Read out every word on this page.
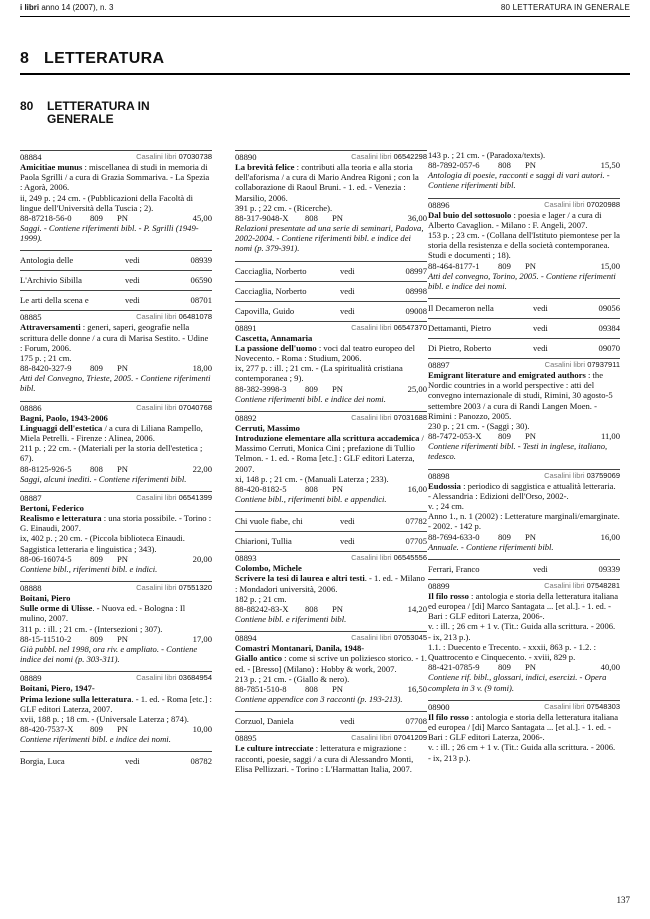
i libri anno 14 (2007), n. 3	80 LETTERATURA IN GENERALE
8 LETTERATURA
80 LETTERATURA IN
GENERALE
08884	Casalini libri 07030738
Amicitiae munus : miscellanea di studi in memoria di Paola Sgrilli / a cura di Grazia Sommariva. - La Spezia : Agorà, 2006.
ii, 249 p. ; 24 cm. - (Pubblicazioni della Facoltà di lingue dell'Università della Tuscia ; 2).
88-87218-56-0 809 PN	45,00
Saggi. - Contiene riferimenti bibl. - P. Sgrilli (1949-1999).
Antologia delle	vedi	08939
L'Archivio Sibilla	vedi	06590
Le arti della scena e	vedi	08701
08885	Casalini libri 06481078
Attraversamenti : generi, saperi, geografie nella scrittura delle donne / a cura di Marisa Sestito. - Udine : Forum, 2006.
175 p. ; 21 cm.
88-8420-327-9 809 PN	18,00
Atti del Convegno, Trieste, 2005. - Contiene riferimenti bibl.
08886	Casalini libri 07040768
Bagni, Paolo, 1943-2006
Linguaggi dell'estetica / a cura di Liliana Rampello, Miela Petrelli. - Firenze : Alinea, 2006.
211 p. ; 22 cm. - (Materiali per la storia dell'estetica ; 67).
88-8125-926-5 808 PN	22,00
Saggi, alcuni inediti. - Contiene riferimenti bibl.
08887	Casalini libri 06541399
Bertoni, Federico
Realismo e letteratura : una storia possibile. - Torino : G. Einaudi, 2007.
ix, 402 p. ; 20 cm. - (Piccola biblioteca Einaudi. Saggistica letteraria e linguistica ; 343).
88-06-16074-5 809 PN	20,00
Contiene bibl., riferimenti bibl. e indici.
08888	Casalini libri 07551320
Boitani, Piero
Sulle orme di Ulisse. - Nuova ed. - Bologna : Il mulino, 2007.
311 p. : ill. ; 21 cm. - (Intersezioni ; 307).
88-15-11510-2 809 PN	17,00
Già pubbl. nel 1998, ora riv. e ampliato. - Contiene indice dei nomi (p. 303-311).
08889	Casalini libri 03684954
Boitani, Piero, 1947-
Prima lezione sulla letteratura. - 1. ed. - Roma [etc.] : GLF editori Laterza, 2007.
xvii, 188 p. ; 18 cm. - (Universale Laterza ; 874).
88-420-7537-X 809 PN	10,00
Contiene riferimenti bibl. e indice dei nomi.
Borgia, Luca	vedi	08782
08890	Casalini libri 06542298
La brevità felice : contributi alla teoria e alla storia dell'aforisma / a cura di Mario Andrea Rigoni ; con la collaborazione di Raoul Bruni. - 1. ed. - Venezia : Marsilio, 2006.
391 p. ; 22 cm. - (Ricerche).
88-317-9048-X 808 PN	36,00
Relazioni presentate ad una serie di seminari, Padova, 2002-2004. - Contiene riferimenti bibl. e indice dei nomi (p. 379-391).
Cacciaglia, Norberto	vedi	08997
Cacciaglia, Norberto	vedi	08998
Capovilla, Guido	vedi	09008
08891	Casalini libri 06547370
Cascetta, Annamaria
La passione dell'uomo : voci dal teatro europeo del Novecento. - Roma : Studium, 2006.
ix, 277 p. : ill. ; 21 cm. - (La spiritualità cristiana contemporanea ; 9).
88-382-3998-3 809 PN	25,00
Contiene riferimenti bibl. e indice dei nomi.
08892	Casalini libri 07031688
Cerruti, Massimo
Introduzione elementare alla scrittura accademica / Massimo Cerruti, Monica Cini ; prefazione di Tullio Telmon. - 1. ed. - Roma [etc.] : GLF editori Laterza, 2007.
xi, 148 p. ; 21 cm. - (Manuali Laterza ; 233).
88-420-8182-5 808 PN	16,00
Contiene bibl., riferimenti bibl. e appendici.
Chi vuole fiabe, chi	vedi	07782
Chiarioni, Tullia	vedi	07705
08893	Casalini libri 06545556
Colombo, Michele
Scrivere la tesi di laurea e altri testi. - 1. ed. - Milano : Mondadori università, 2006.
182 p. ; 21 cm.
88-88242-83-X 808 PN	14,20
Contiene bibl. e riferimenti bibl.
08894	Casalini libri 07053045
Comastri Montanari, Danila, 1948-
Giallo antico : come si scrive un poliziesco storico. - 1. ed. - [Bresso] (Milano) : Hobby & work, 2007.
213 p. ; 21 cm. - (Giallo & nero).
88-7851-510-8 808 PN	16,50
Contiene appendice con 3 racconti (p. 193-213).
Corzuol, Daniela	vedi	07708
08895	Casalini libri 07041209
Le culture intrecciate : letteratura e migrazione : racconti, poesie, saggi / a cura di Alessandro Monti, Elisa Pellizzari. - Torino : L'Harmattan Italia, 2007.
143 p. ; 21 cm. - (Paradoxa/texts).
88-7892-057-6 808 PN	15,50
Antologia di poesie, racconti e saggi di vari autori. - Contiene riferimenti bibl.
08896	Casalini libri 07020988
Dal buio del sottosuolo : poesia e lager / a cura di Alberto Cavaglion. - Milano : F. Angeli, 2007.
153 p. ; 23 cm. - (Collana dell'Istituto piemontese per la storia della resistenza e della società contemporanea. Studi e documenti ; 18).
88-464-8177-1 809 PN	15,00
Atti del convegno, Torino, 2005. - Contiene riferimenti bibl. e indice dei nomi.
Il Decameron nella	vedi	09056
Dettamanti, Pietro	vedi	09384
Di Pietro, Roberto	vedi	09070
08897	Casalini libri 07937911
Emigrant literature and emigrated authors : the Nordic countries in a world perspective : atti del convegno internazionale di studi, Rimini, 30 agosto-5 settembre 2003 / a cura di Randi Langen Moen. - Rimini : Panozzo, 2005.
230 p. ; 21 cm. - (Saggi ; 30).
88-7472-053-X 809 PN	11,00
Contiene riferimenti bibl. - Testi in inglese, italiano, tedesco.
08898	Casalini libri 03759069
Eudossia : periodico di saggistica e attualità letteraria. - Alessandria : Edizioni dell'Orso, 2002-.
v. ; 24 cm.
Anno 1., n. 1 (2002) : Letterature marginali/emarginate. - 2002. - 142 p.
88-7694-633-0 809 PN	16,00
Annuale. - Contiene riferimenti bibl.
Ferrari, Franco	vedi	09339
08899	Casalini libri 07548281
Il filo rosso : antologia e storia della letteratura italiana ed europea / [di] Marco Santagata ... [et al.]. - 1. ed. - Bari : GLF editori Laterza, 2006-.
v. : ill. ; 26 cm + 1 v. (Tit.: Guida alla scrittura. - 2006. - ix, 213 p.).
1.1. : Duecento e Trecento. - xxxii, 863 p. - 1.2. : Quattrocento e Cinquecento. - xviii, 829 p.
88-421-0785-9 809 PN	40,00
Contiene rif. bibl., glossari, indici, esercizi. - Opera completa in 3 v. (9 tomi).
08900	Casalini libri 07548303
Il filo rosso : antologia e storia della letteratura italiana ed europea / [di] Marco Santagata ... [et al.]. - 1. ed. - Bari : GLF editori Laterza, 2006-.
v. : ill. ; 26 cm + 1 v. (Tit.: Guida alla scrittura. - 2006. - ix, 213 p.).
137
